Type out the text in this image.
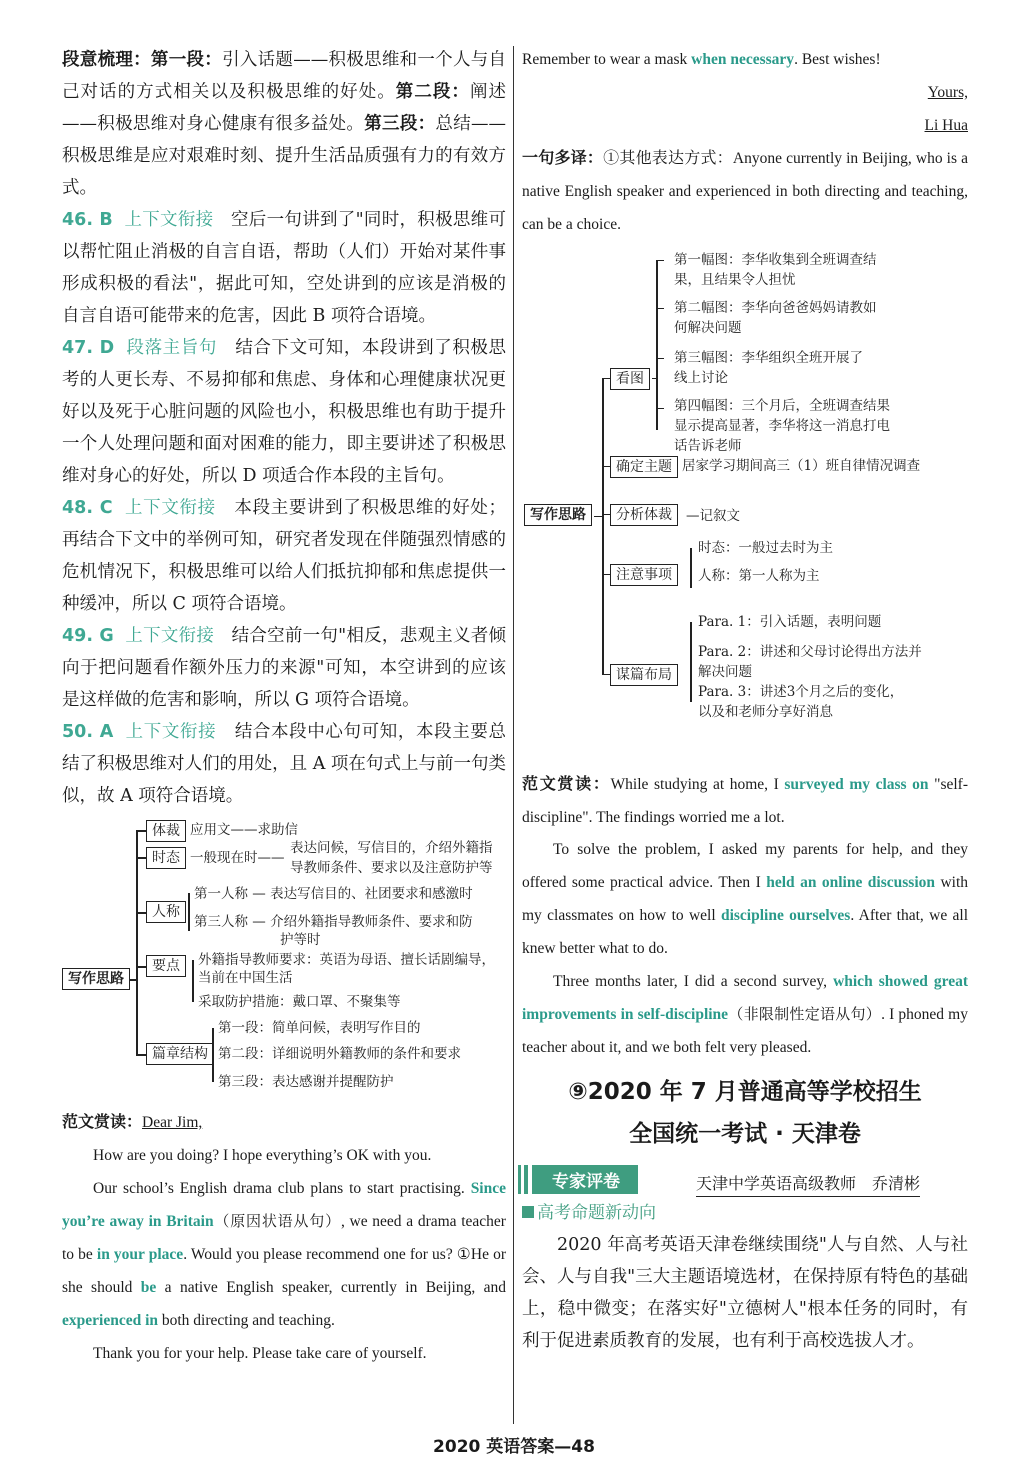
段意梳理：第一段：引入话题——积极思维和一个人与自己对话的方式相关以及积极思维的好处。第二段：阐述——积极思维对身心健康有很多益处。第三段：总结——积极思维是应对艰难时刻、提升生活品质强有力的有效方式。

46. B 上下文衔接 空后一句讲到了"同时，积极思维可以帮忙阻止消极的自言自语，帮助（人们）开始对某件事形成积极的看法"，据此可知，空处讲到的应该是消极的自言自语可能带来的危害，因此 B 项符合语境。

47. D 段落主旨句 结合下文可知，本段讲到了积极思考的人更长寿、不易抑郁和焦虑、身体和心理健康状况更好以及死于心脏问题的风险也小，积极思维也有助于提升一个人处理问题和面对困难的能力，即主要讲述了积极思维对身心的好处，所以 D 项适合作本段的主旨句。

48. C 上下文衔接 本段主要讲到了积极思维的好处；再结合下文中的举例可知，研究者发现在伴随强烈情感的危机情况下，积极思维可以给人们抵抗抑郁和焦虑提供一种缓冲，所以 C 项符合语境。

49. G 上下文衔接 结合空前一句"相反，悲观主义者倾向于把问题看作额外压力的来源"可知，本空讲到的应该是这样做的危害和影响，所以 G 项符合语境。

50. A 上下文衔接 结合本段中心句可知，本段主要总结了积极思维对人们的用处，且 A 项在句式上与前一句类似，故 A 项符合语境。

写作思路
体裁 应用文——求助信
时态 一般现在时——
表达问候，写信目的，介绍外籍指
导教师条件、要求以及注意防护等
人称
第一人称 — 表达写信目的、社团要求和感激时
第三人称 — 介绍外籍指导教师条件、要求和防
护等时
要点	外籍指导教师要求：英语为母语、擅长话剧编导，
当前在中国生活
采取防护措施：戴口罩、不聚集等
篇章结构
第一段：简单问候，表明写作目的
第二段：详细说明外籍教师的条件和要求
第三段：表达感谢并提醒防护

范文赏读：Dear Jim,

How are you doing? I hope everything’s OK with you.

Our school’s English drama club plans to start practising. Since you’re away in Britain（原因状语从句）, we need a drama teacher to be in your place. Would you please recommend one for us? ①He or she should be a native English speaker, currently in Beijing, and experienced in both directing and teaching.

Thank you for your help. Please take care of yourself.

Remember to wear a mask when necessary. Best wishes!

Yours,

Li Hua

一句多译：①其他表达方式：Anyone currently in Beijing, who is a native English speaker and experienced in both directing and teaching, can be a choice.

写作思路
看图
第一幅图：李华收集到全班调查结
果，且结果令人担忧
第二幅图：李华向爸爸妈妈请教如
何解决问题
第三幅图：李华组织全班开展了
线上讨论
第四幅图：三个月后，全班调查结果
显示提高显著，李华将这一消息打电
话告诉老师
确定主题 居家学习期间高三（1）班自律情况调查
分析体裁	—记叙文
注意事项
时态：一般过去时为主
人称：第一人称为主
谋篇布局
Para. 1：引入话题，表明问题
Para. 2：讲述和父母讨论得出方法并
解决问题
Para. 3：讲述3个月之后的变化，
以及和老师分享好消息

范文赏读：While studying at home, I surveyed my class on "self-discipline". The findings worried me a lot.

To solve the problem, I asked my parents for help, and they offered some practical advice. Then I held an online discussion with my classmates on how to well discipline ourselves. After that, we all knew better what to do.

Three months later, I did a second survey, which showed great improvements in self-discipline（非限制性定语从句）. I phoned my teacher about it, and we both felt very pleased.

⑨2020 年 7 月普通高等学校招生
全国统一考试 · 天津卷
专家评卷	天津中学英语高级教师　乔清彬
高考命题新动向

2020 年高考英语天津卷继续围绕"人与自然、人与社会、人与自我"三大主题语境选材，在保持原有特色的基础上，稳中微变；在落实好"立德树人"根本任务的同时，有利于促进素质教育的发展，也有利于高校选拔人才。

2020 英语答案—48
